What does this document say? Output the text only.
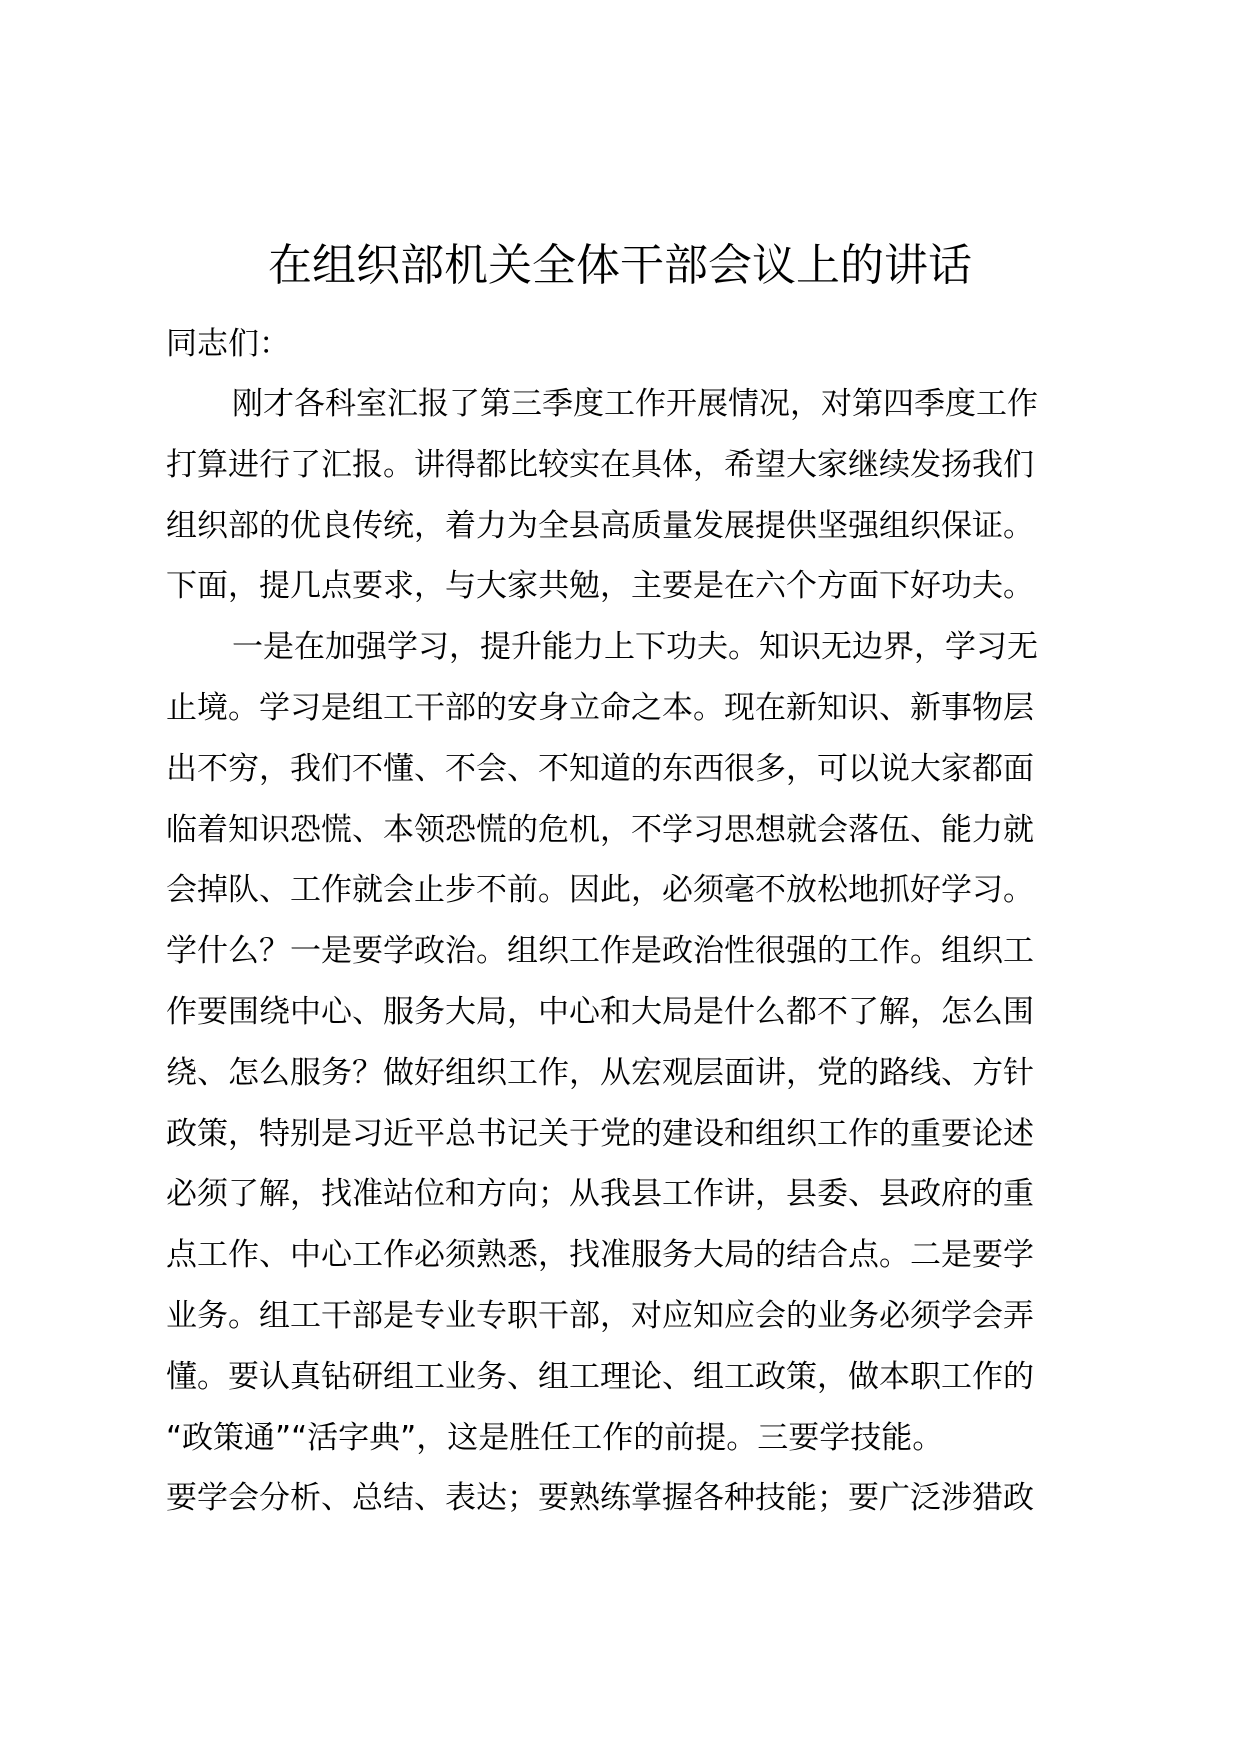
在组织部机关全体干部会议上的讲话

同志们：

刚才各科室汇报了第三季度工作开展情况，对第四季度工作

打算进行了汇报。讲得都比较实在具体，希望大家继续发扬我们

组织部的优良传统，着力为全县高质量发展提供坚强组织保证。

下面，提几点要求，与大家共勉，主要是在六个方面下好功夫。

一是在加强学习，提升能力上下功夫。知识无边界，学习无

止境。学习是组工干部的安身立命之本。现在新知识、新事物层

出不穷，我们不懂、不会、不知道的东西很多，可以说大家都面

临着知识恐慌、本领恐慌的危机，不学习思想就会落伍、能力就

会掉队、工作就会止步不前。因此，必须毫不放松地抓好学习。

学什么？一是要学政治。组织工作是政治性很强的工作。组织工

作要围绕中心、服务大局，中心和大局是什么都不了解，怎么围

绕、怎么服务？做好组织工作，从宏观层面讲，党的路线、方针

政策，特别是习近平总书记关于党的建设和组织工作的重要论述

必须了解，找准站位和方向；从我县工作讲，县委、县政府的重

点工作、中心工作必须熟悉，找准服务大局的结合点。二是要学

业务。组工干部是专业专职干部，对应知应会的业务必须学会弄

懂。要认真钻研组工业务、组工理论、组工政策，做本职工作的

“政策通”“活字典”，这是胜任工作的前提。三要学技能。

要学会分析、总结、表达；要熟练掌握各种技能；要广泛涉猎政
